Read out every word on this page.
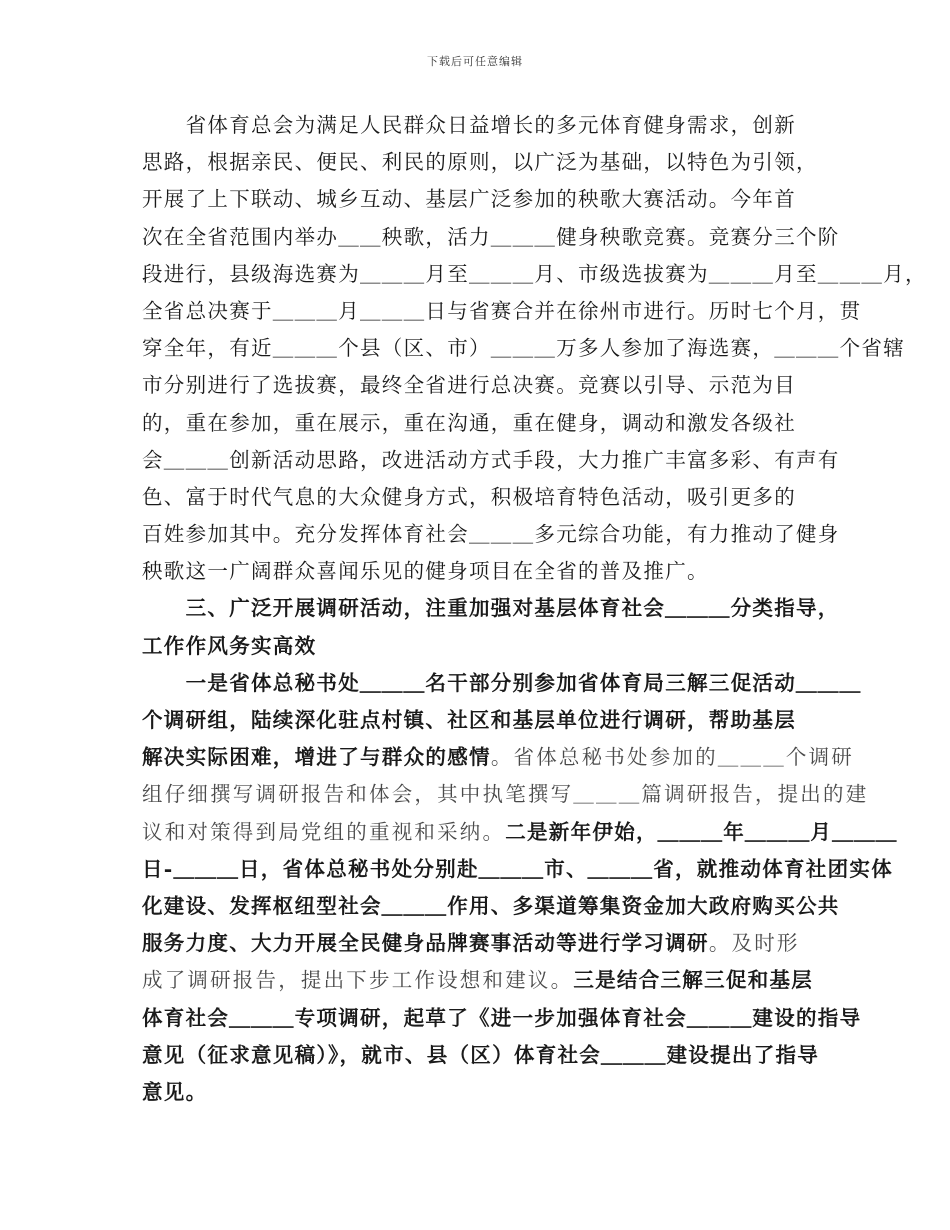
下载后可任意编辑
　　省体育总会为满足人民群众日益增长的多元体育健身需求，创新
思路，根据亲民、便民、利民的原则，以广泛为基础，以特色为引领，
开展了上下联动、城乡互动、基层广泛参加的秧歌大赛活动。今年首
次在全省范围内举办＿＿秧歌，活力＿＿＿健身秧歌竞赛。竞赛分三个阶
段进行，县级海选赛为＿＿＿月至＿＿＿月、市级选拔赛为＿＿＿月至＿＿＿月，
全省总决赛于＿＿＿月＿＿＿日与省赛合并在徐州市进行。历时七个月，贯
穿全年，有近＿＿＿个县（区、市）＿＿＿万多人参加了海选赛，＿＿＿个省辖
市分别进行了选拔赛，最终全省进行总决赛。竞赛以引导、示范为目
的，重在参加，重在展示，重在沟通，重在健身，调动和激发各级社
会＿＿＿创新活动思路，改进活动方式手段，大力推广丰富多彩、有声有
色、富于时代气息的大众健身方式，积极培育特色活动，吸引更多的
百姓参加其中。充分发挥体育社会＿＿＿多元综合功能，有力推动了健身
秧歌这一广阔群众喜闻乐见的健身项目在全省的普及推广。
　　三、广泛开展调研活动，注重加强对基层体育社会＿＿＿分类指导，
工作作风务实高效
　　一是省体总秘书处＿＿＿名干部分别参加省体育局三解三促活动＿＿＿
个调研组，陆续深化驻点村镇、社区和基层单位进行调研，帮助基层
解决实际困难，增进了与群众的感情。省体总秘书处参加的＿＿＿个调研
组仔细撰写调研报告和体会，其中执笔撰写＿＿＿篇调研报告，提出的建
议和对策得到局党组的重视和采纳。二是新年伊始，＿＿＿年＿＿＿月＿＿＿
日-＿＿＿日，省体总秘书处分别赴＿＿＿市、＿＿＿省，就推动体育社团实体
化建设、发挥枢纽型社会＿＿＿作用、多渠道筹集资金加大政府购买公共
服务力度、大力开展全民健身品牌赛事活动等进行学习调研。及时形
成了调研报告，提出下步工作设想和建议。三是结合三解三促和基层
体育社会＿＿＿专项调研，起草了《进一步加强体育社会＿＿＿建设的指导
意见（征求意见稿）》，就市、县（区）体育社会＿＿＿建设提出了指导
意见。
